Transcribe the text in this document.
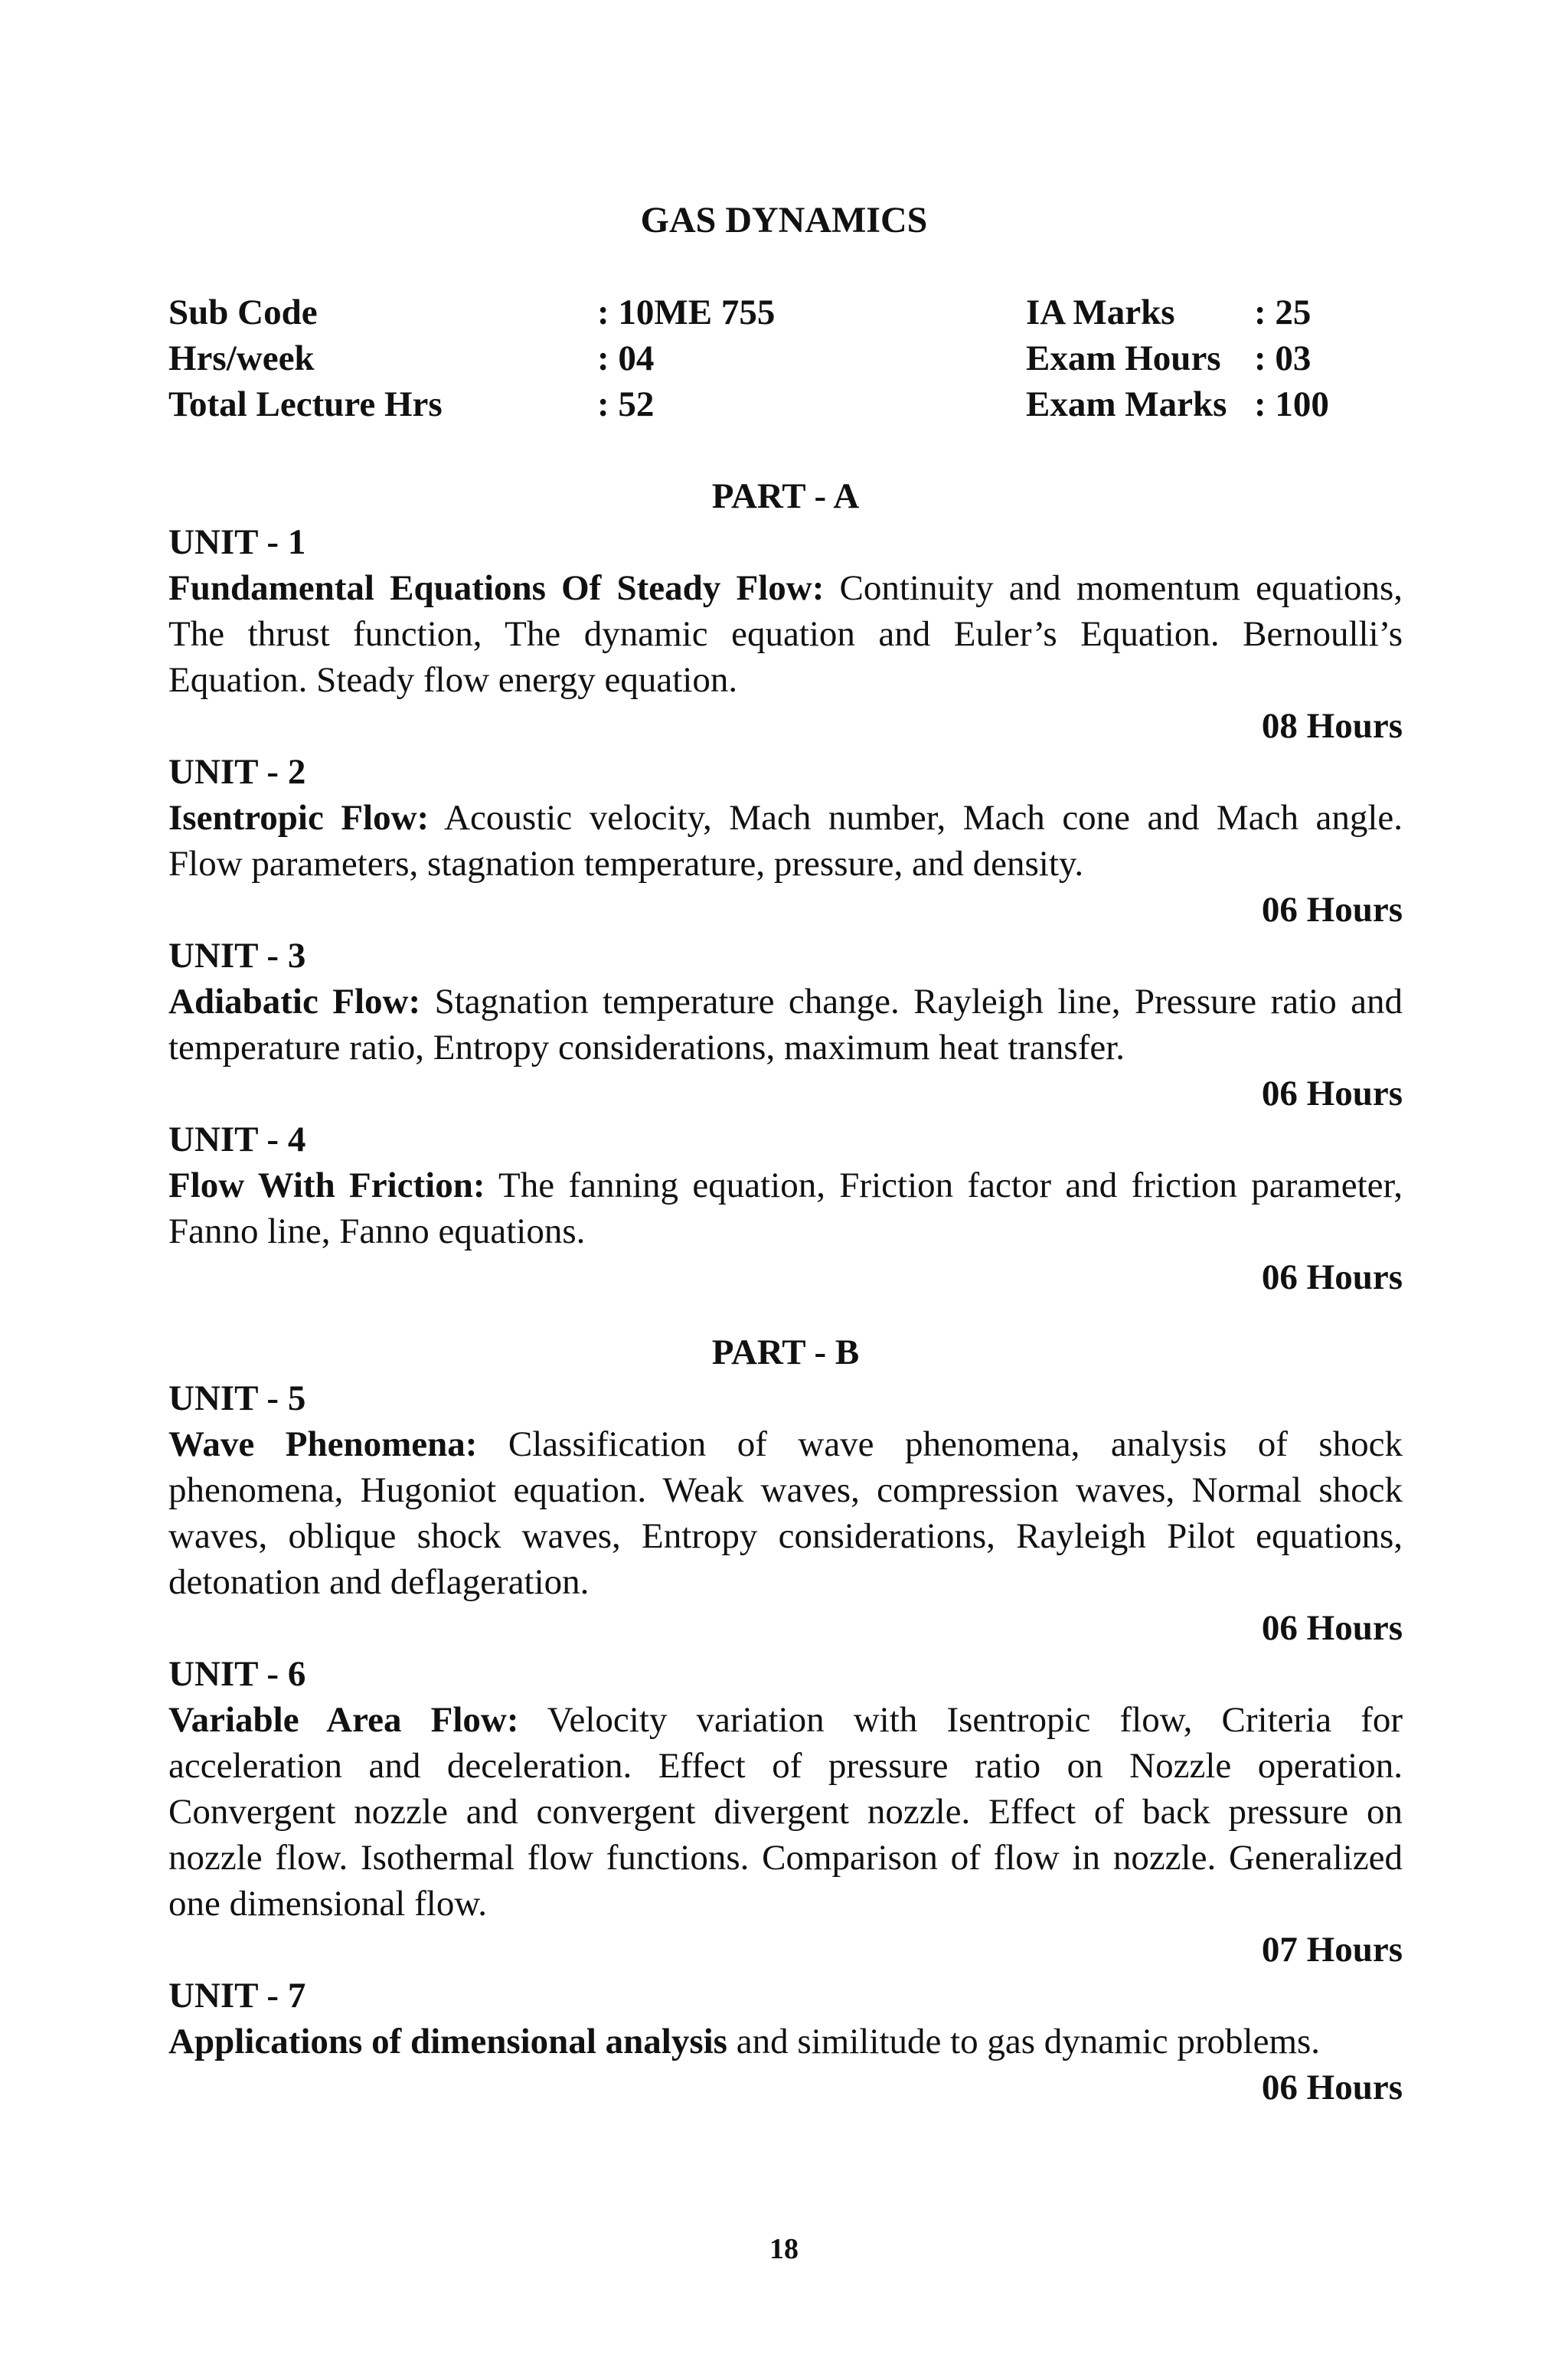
GAS DYNAMICS
Sub Code	: 10ME 755	IA Marks : 25
Hrs/week	: 04	Exam Hours : 03
Total Lecture Hrs	: 52	Exam Marks : 100
PART - A
UNIT - 1

Fundamental Equations Of Steady Flow: Continuity and momentum equations, The thrust function, The dynamic equation and Euler’s Equation. Bernoulli’s Equation. Steady flow energy equation.

08 Hours
UNIT - 2

Isentropic Flow: Acoustic velocity, Mach number, Mach cone and Mach angle. Flow parameters, stagnation temperature, pressure, and density.

06 Hours
UNIT - 3

Adiabatic Flow: Stagnation temperature change. Rayleigh line, Pressure ratio and temperature ratio, Entropy considerations, maximum heat transfer.

06 Hours
UNIT - 4

Flow With Friction: The fanning equation, Friction factor and friction parameter, Fanno line, Fanno equations.

06 Hours
PART - B
UNIT - 5

Wave Phenomena: Classification of wave phenomena, analysis of shock phenomena, Hugoniot equation. Weak waves, compression waves, Normal shock waves, oblique shock waves, Entropy considerations, Rayleigh Pilot equations, detonation and deflageration.

06 Hours
UNIT - 6

Variable Area Flow: Velocity variation with Isentropic flow, Criteria for acceleration and deceleration. Effect of pressure ratio on Nozzle operation. Convergent nozzle and convergent divergent nozzle. Effect of back pressure on nozzle flow. Isothermal flow functions. Comparison of flow in nozzle. Generalized one dimensional flow.

07 Hours
UNIT - 7

Applications of dimensional analysis and similitude to gas dynamic problems.

06 Hours
18
